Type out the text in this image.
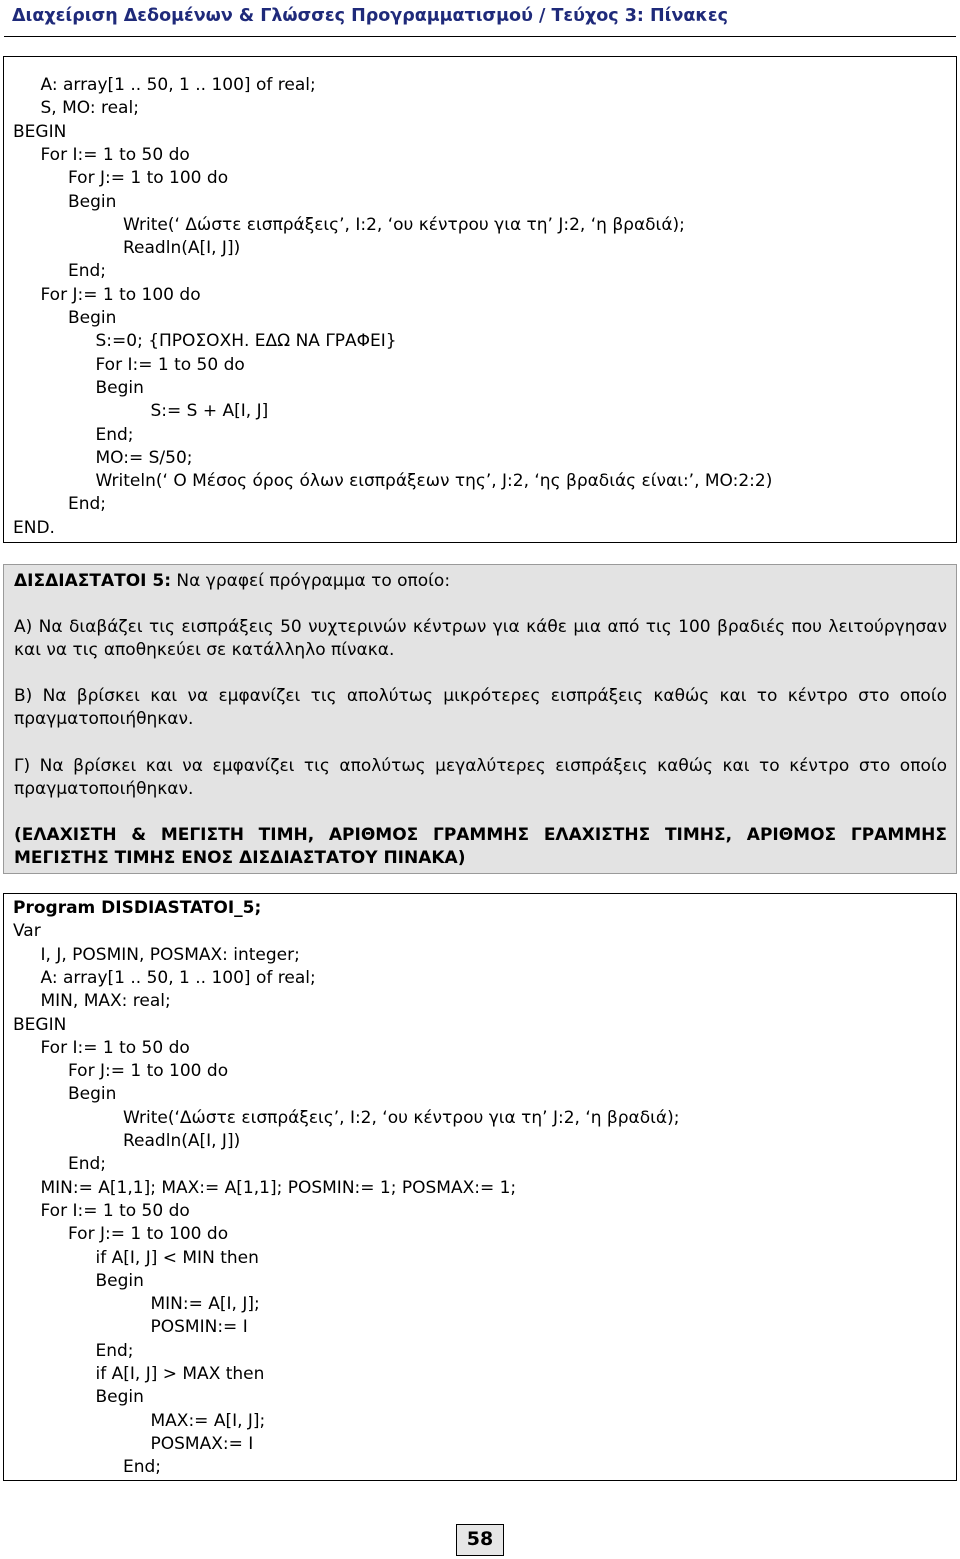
Διαχείριση Δεδομένων & Γλώσσες Προγραμματισμού / Τεύχος 3: Πίνακες
A: array[1 .. 50, 1 .. 100] of real;
S, MO: real;
BEGIN
For I:= 1 to 50 do
For J:= 1 to 100 do
Begin
Write(‘ Δώστε εισπράξεις’, I:2, ‘ου κέντρου για τη’ J:2, ‘η βραδιά);
Readln(A[I, J])
End;
For J:= 1 to 100 do
Begin
S:=0; {ΠΡΟΣΟΧΗ. ΕΔΩ ΝΑ ΓΡΑΦΕΙ}
For I:= 1 to 50 do
Begin
S:= S + A[I, J]
End;
MO:= S/50;
Writeln(‘ Ο Μέσος όρος όλων εισπράξεων της’, J:2, ‘ης βραδιάς είναι:’, MO:2:2)
End;
END.
ΔΙΣΔΙΑΣΤΑΤΟΙ 5: Να γραφεί πρόγραμμα το οποίο:
Α) Να διαβάζει τις εισπράξεις 50 νυχτερινών κέντρων για κάθε μια από τις 100 βραδιές που λειτούργησαν και να τις αποθηκεύει σε κατάλληλο πίνακα.
Β) Να βρίσκει και να εμφανίζει τις απολύτως μικρότερες εισπράξεις καθώς και το κέντρο στο οποίο πραγματοποιήθηκαν.
Γ) Να βρίσκει και να εμφανίζει τις απολύτως μεγαλύτερες εισπράξεις καθώς και το κέντρο στο οποίο πραγματοποιήθηκαν.
(ΕΛΑΧΙΣΤΗ & ΜΕΓΙΣΤΗ ΤΙΜΗ, ΑΡΙΘΜΟΣ ΓΡΑΜΜΗΣ ΕΛΑΧΙΣΤΗΣ ΤΙΜΗΣ, ΑΡΙΘΜΟΣ ΓΡΑΜΜΗΣ ΜΕΓΙΣΤΗΣ ΤΙΜΗΣ ΕΝΟΣ ΔΙΣΔΙΑΣΤΑΤΟΥ ΠΙΝΑΚΑ)
Program DISDIASTATOI_5;
Var
I, J, POSMIN, POSMAX: integer;
A: array[1 .. 50, 1 .. 100] of real;
MIN, MAX: real;
BEGIN
For I:= 1 to 50 do
For J:= 1 to 100 do
Begin
Write(‘Δώστε εισπράξεις’, I:2, ‘ου κέντρου για τη’ J:2, ‘η βραδιά);
Readln(A[I, J])
End;
MIN:= A[1,1]; MAX:= A[1,1]; POSMIN:= 1; POSMAX:= 1;
For I:= 1 to 50 do
For J:= 1 to 100 do
if A[I, J] < MIN then
Begin
MIN:= A[I, J];
POSMIN:= I
End;
if A[I, J] > MAX then
Begin
MAX:= A[I, J];
POSMAX:= I
End;
58
